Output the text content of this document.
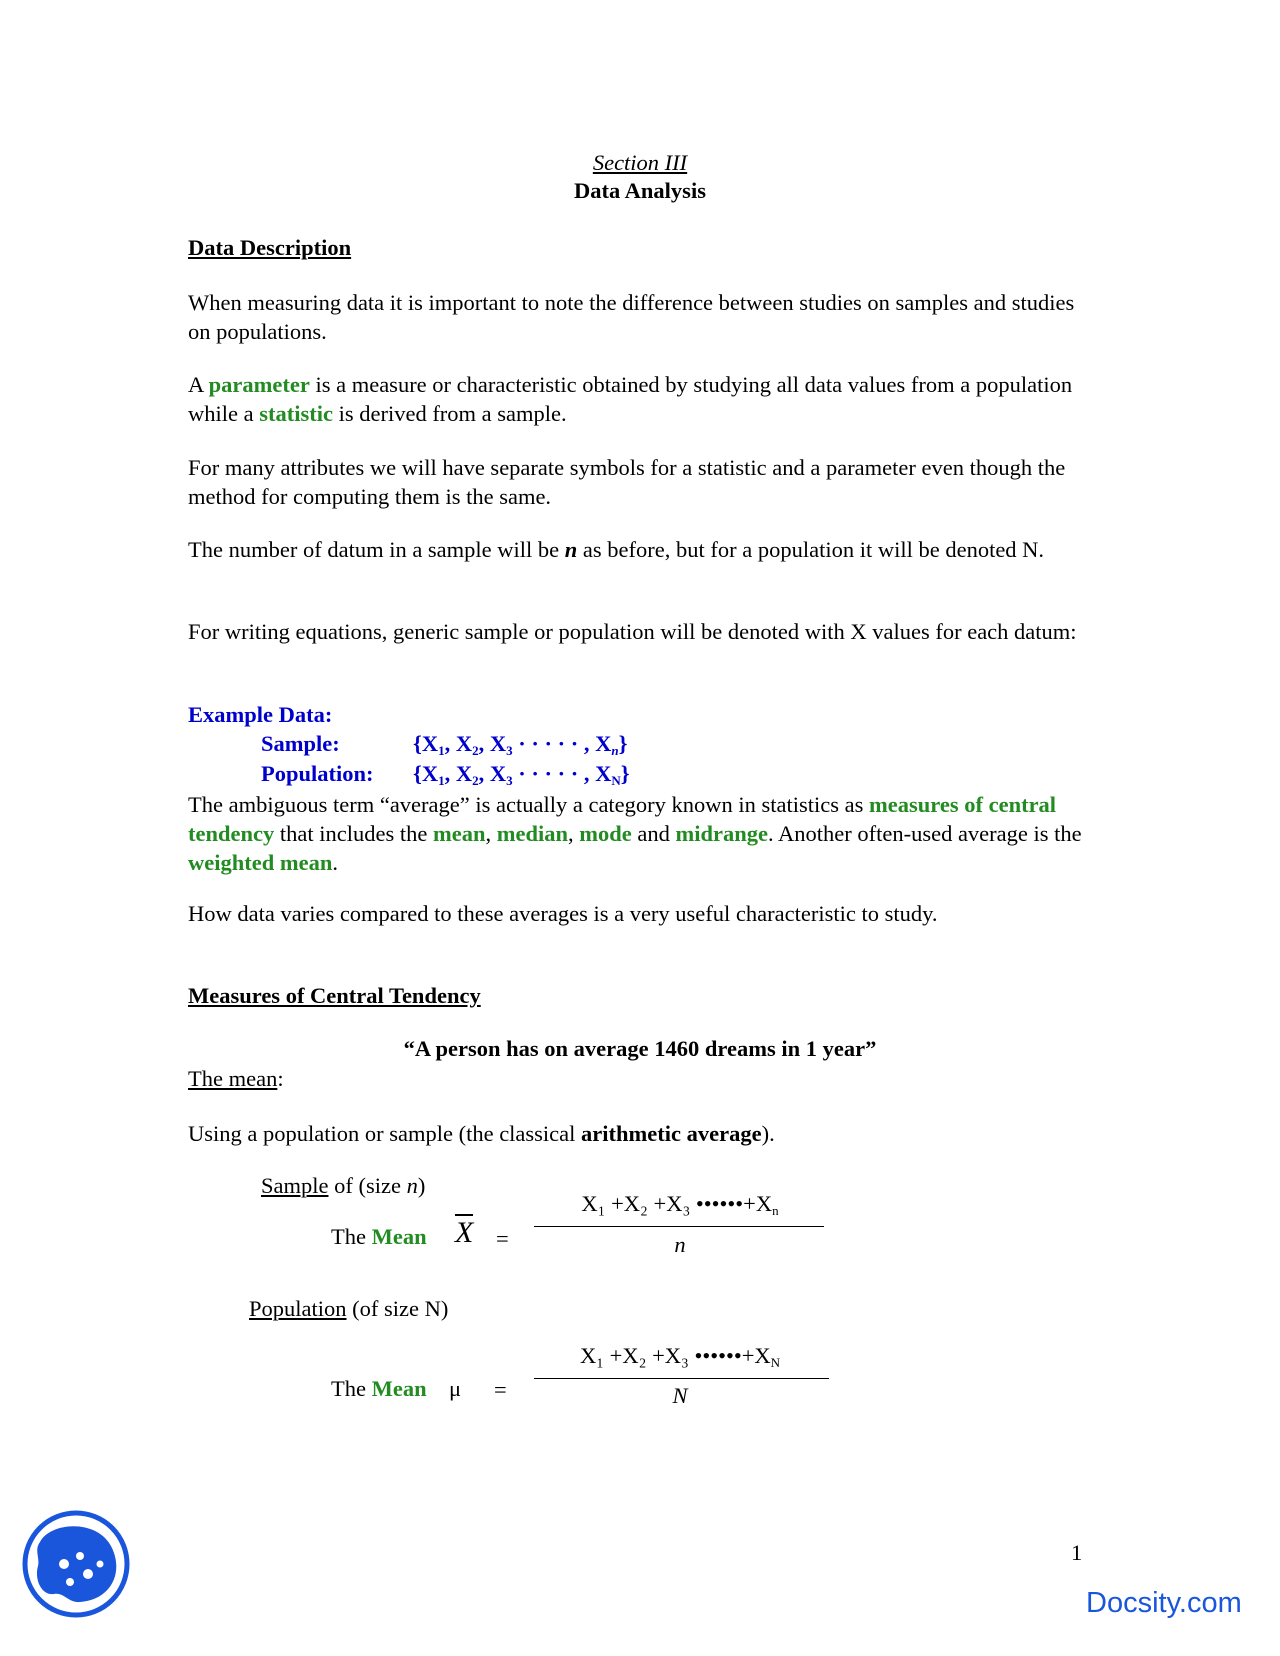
Section III
Data Analysis
Data Description

When measuring data it is important to note the difference between studies on samples and studies on populations.

A parameter is a measure or characteristic obtained by studying all data values from a population while a statistic is derived from a sample.

For many attributes we will have separate symbols for a statistic and a parameter even though the method for computing them is the same.

The number of datum in a sample will be n as before, but for a population it will be denoted N.

For writing equations, generic sample or population will be denoted with X values for each datum:

Example Data:
Sample:	{$X_1$, $X_2$, $X_3$ · · · · · , $X_n$}
Population: {$X_1$, $X_2$, $X_3$ · · · · · , $X_N$}

The ambiguous term “average” is actually a category known in statistics as measures of central tendency that includes the mean, median, mode and midrange. Another often-used average is the weighted mean.

How data varies compared to these averages is a very useful characteristic to study.

Measures of Central Tendency
“A person has on average 1460 dreams in 1 year”
The mean:

Using a population or sample (the classical arithmetic average).

Sample of (size n)
The Mean X =
X₁ +X₂ +X₃ $••••••+X_n$
n
Population (of size N)
The Mean μ =
X₁ +X₂ +X₃ $••••••+X_N$
N
1
Docsity.com
